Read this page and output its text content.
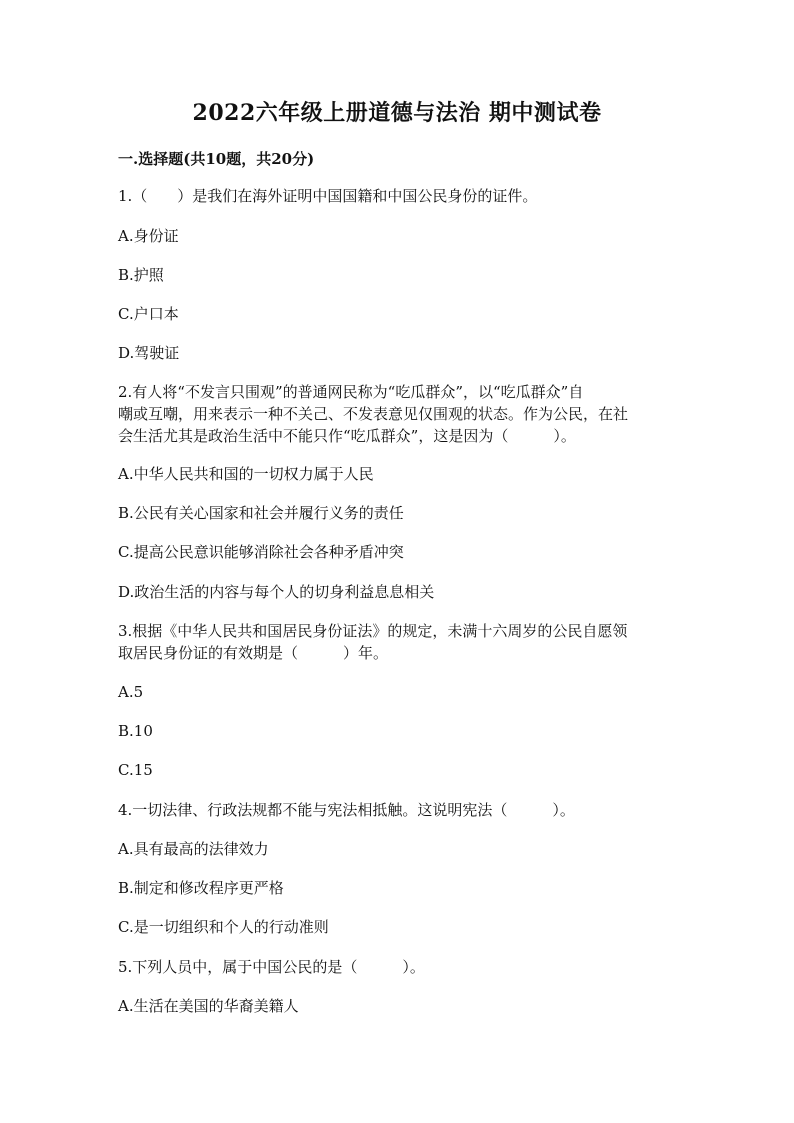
2022六年级上册道德与法治 期中测试卷
一.选择题(共10题，共20分)
1.（　　）是我们在海外证明中国国籍和中国公民身份的证件。
A.身份证
B.护照
C.户口本
D.驾驶证
2.有人将“不发言只围观”的普通网民称为“吃瓜群众”，以“吃瓜群众”自
嘲或互嘲，用来表示一种不关己、不发表意见仅围观的状态。作为公民，在社
会生活尤其是政治生活中不能只作“吃瓜群众”，这是因为（　　　）。
A.中华人民共和国的一切权力属于人民
B.公民有关心国家和社会并履行义务的责任
C.提高公民意识能够消除社会各种矛盾冲突
D.政治生活的内容与每个人的切身利益息息相关
3.根据《中华人民共和国居民身份证法》的规定，未满十六周岁的公民自愿领
取居民身份证的有效期是（　　　）年。
A.5
B.10
C.15
4.一切法律、行政法规都不能与宪法相抵触。这说明宪法（　　　）。
A.具有最高的法律效力
B.制定和修改程序更严格
C.是一切组织和个人的行动准则
5.下列人员中，属于中国公民的是（　　　）。
A.生活在美国的华裔美籍人
